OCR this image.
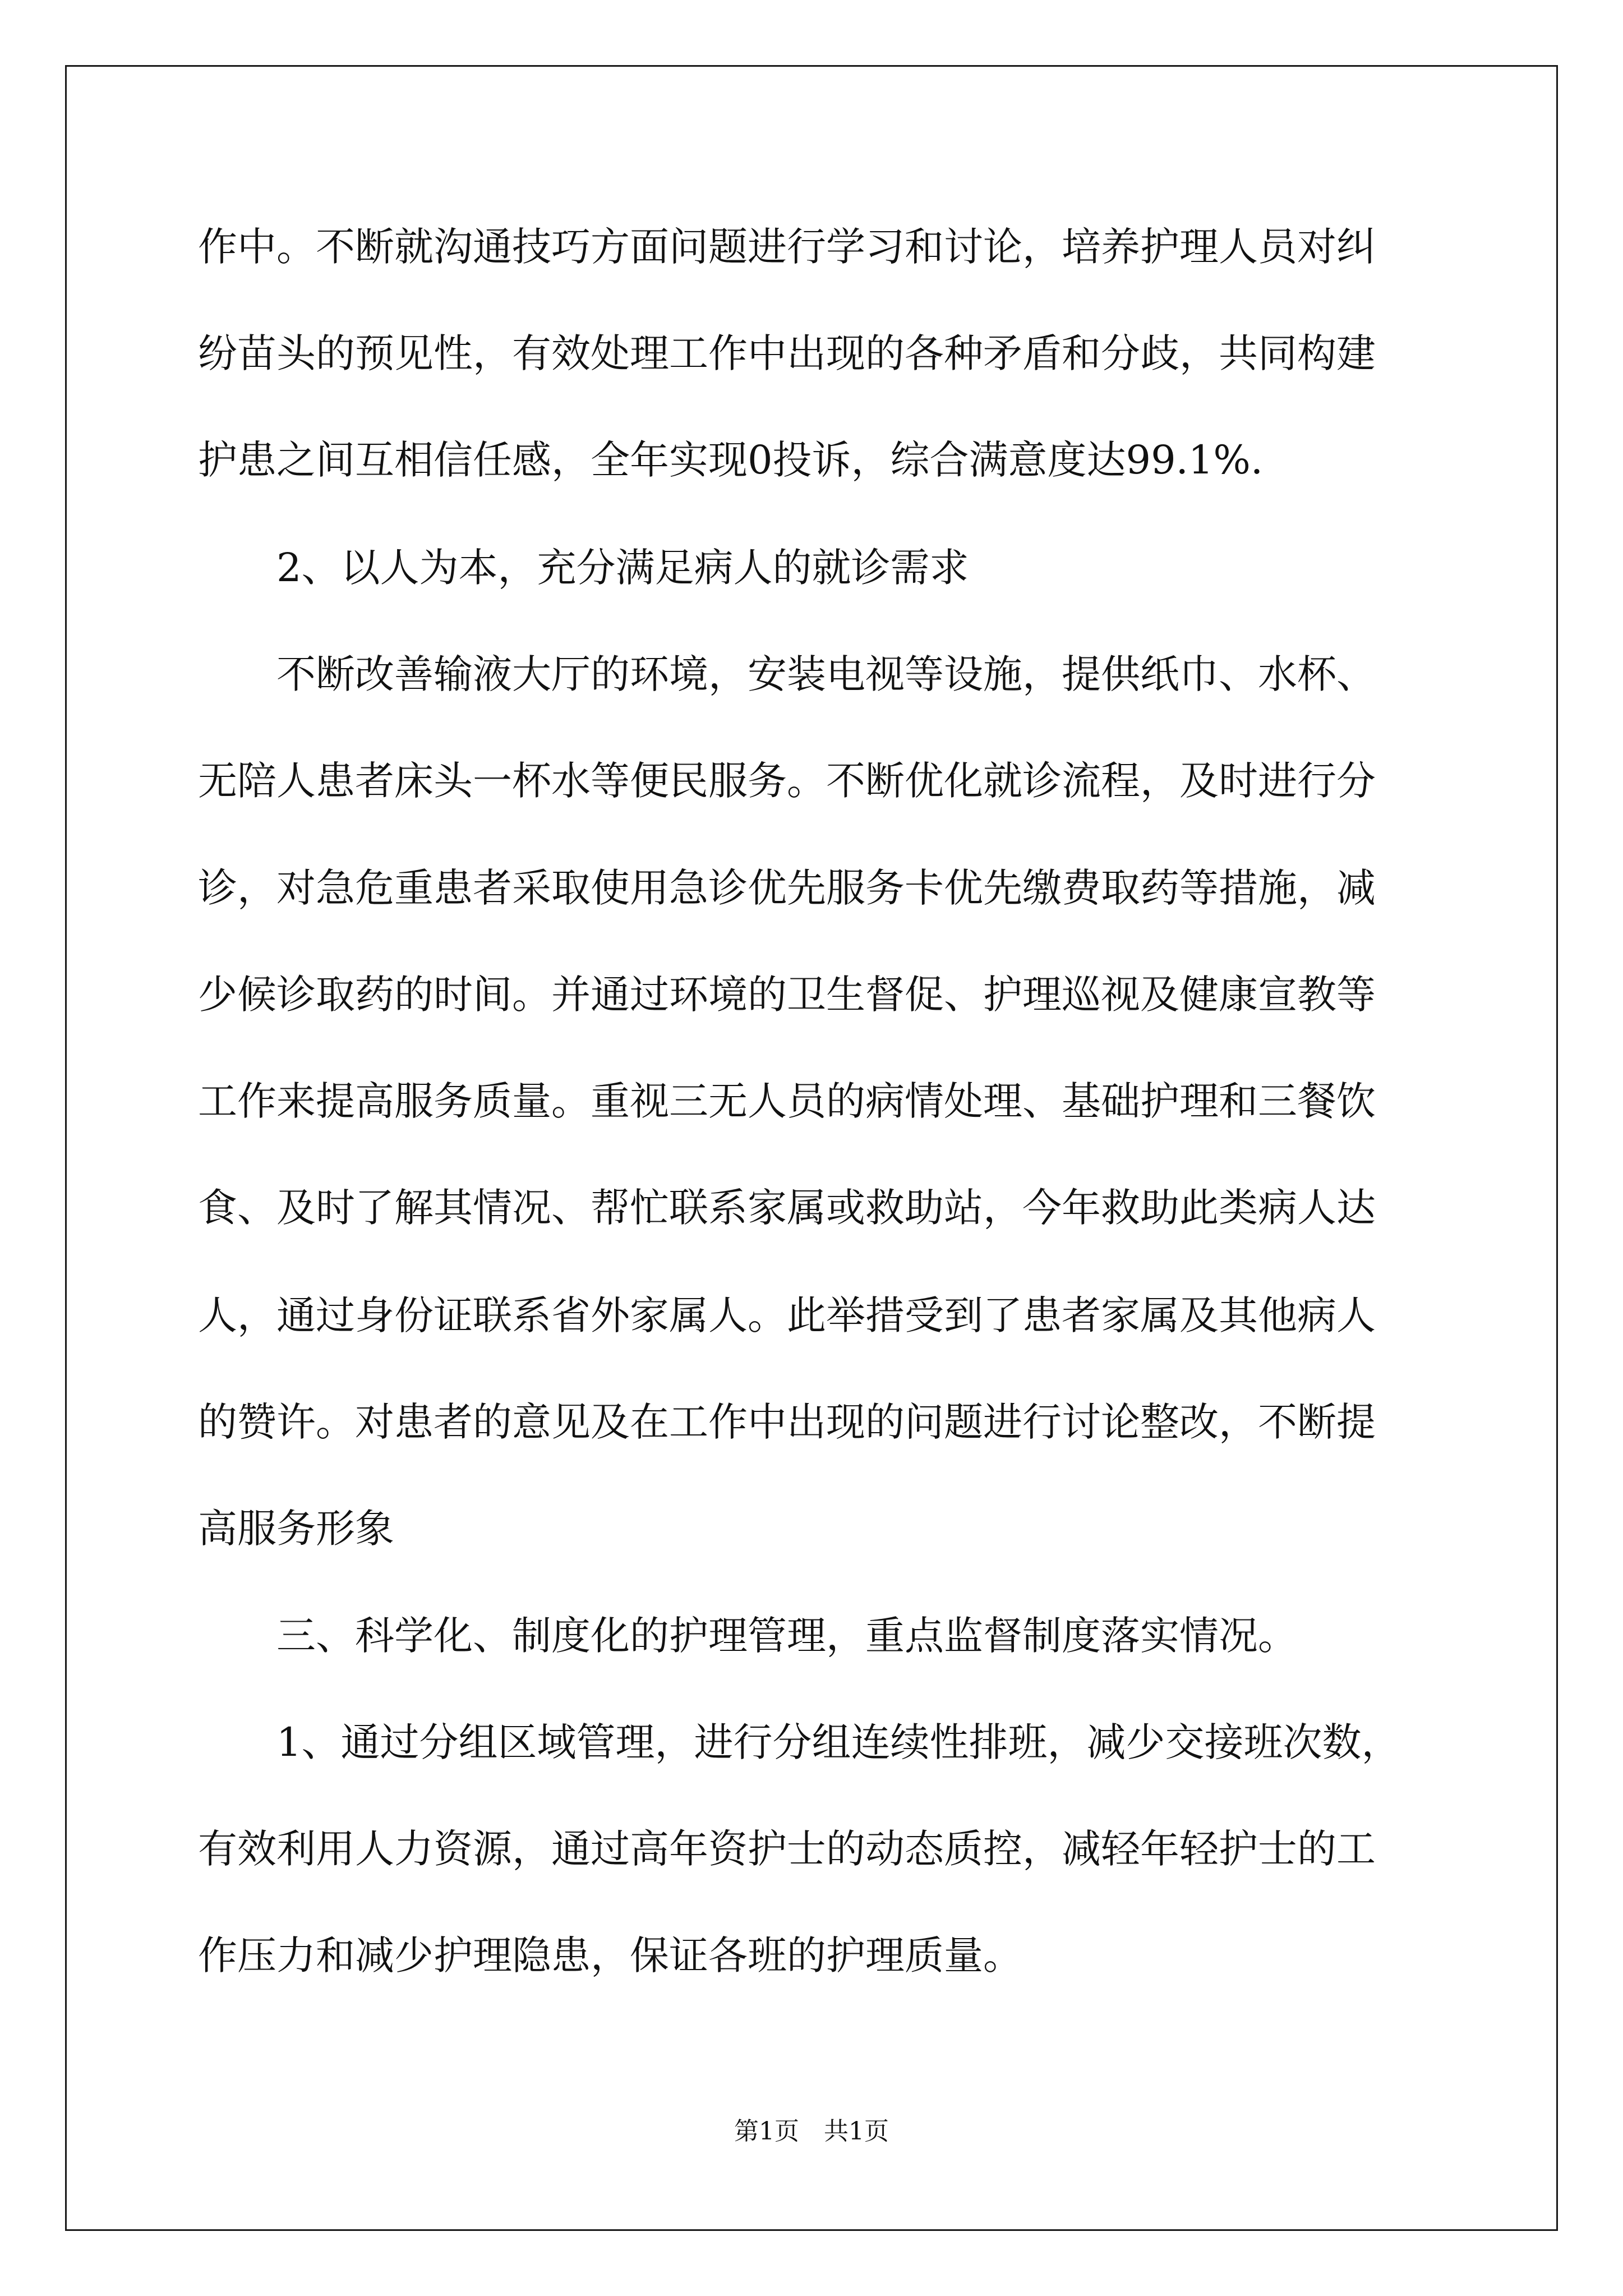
作中。不断就沟通技巧方面问题进行学习和讨论，培养护理人员对纠
纷苗头的预见性，有效处理工作中出现的各种矛盾和分歧，共同构建
护患之间互相信任感，全年实现0投诉，综合满意度达99.1%.
2、以人为本，充分满足病人的就诊需求
不断改善输液大厅的环境，安装电视等设施，提供纸巾、水杯、
无陪人患者床头一杯水等便民服务。不断优化就诊流程，及时进行分
诊，对急危重患者采取使用急诊优先服务卡优先缴费取药等措施，减
少候诊取药的时间。并通过环境的卫生督促、护理巡视及健康宣教等
工作来提高服务质量。重视三无人员的病情处理、基础护理和三餐饮
食、及时了解其情况、帮忙联系家属或救助站，今年救助此类病人达
人，通过身份证联系省外家属人。此举措受到了患者家属及其他病人
的赞许。对患者的意见及在工作中出现的问题进行讨论整改，不断提
高服务形象
三、科学化、制度化的护理管理，重点监督制度落实情况。
1、通过分组区域管理，进行分组连续性排班，减少交接班次数，
有效利用人力资源，通过高年资护士的动态质控，减轻年轻护士的工
作压力和减少护理隐患，保证各班的护理质量。
第1页　共1页
